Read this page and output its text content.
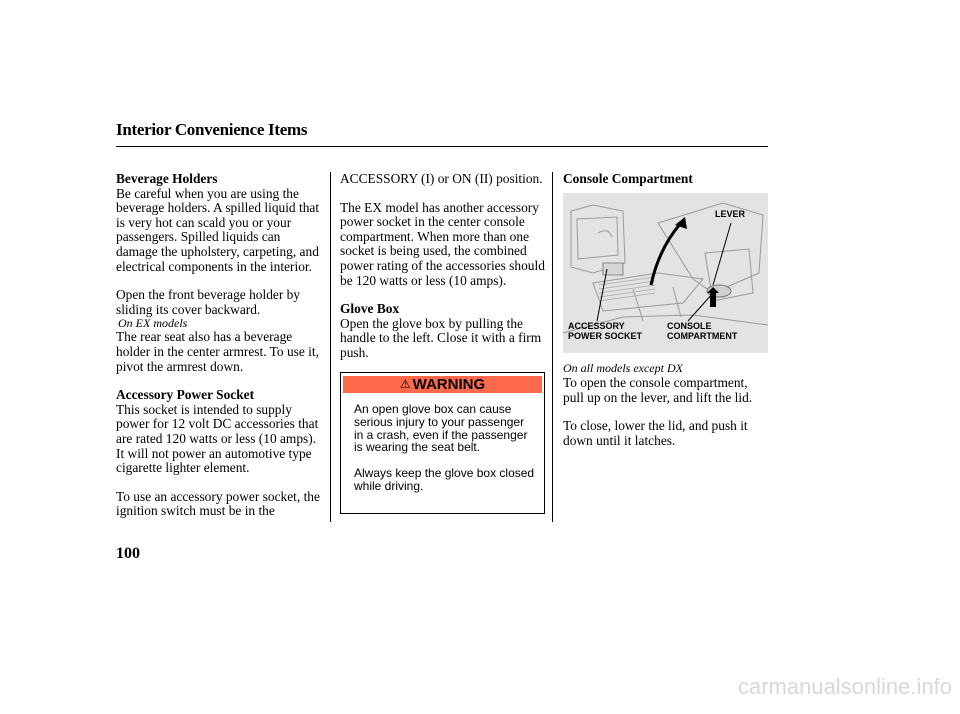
Interior Convenience Items

Beverage Holders

Be careful when you are using the beverage holders. A spilled liquid that is very hot can scald you or your passengers. Spilled liquids can damage the upholstery, carpeting, and electrical components in the interior.

Open the front beverage holder by sliding its cover backward.

On EX models

The rear seat also has a beverage holder in the center armrest. To use it, pivot the armrest down.

Accessory Power Socket

This socket is intended to supply power for 12 volt DC accessories that are rated 120 watts or less (10 amps). It will not power an automotive type cigarette lighter element.

To use an accessory power socket, the ignition switch must be in the

ACCESSORY (I) or ON (II) position.

The EX model has another accessory power socket in the center console compartment. When more than one socket is being used, the combined power rating of the accessories should be 120 watts or less (10 amps).

Glove Box

Open the glove box by pulling the handle to the left. Close it with a firm push.

⚠ WARNING

An open glove box can cause serious injury to your passenger in a crash, even if the passenger is wearing the seat belt.

Always keep the glove box closed while driving.

Console Compartment
LEVER
ACCESSORY
POWER SOCKET
CONSOLE
COMPARTMENT
On all models except DX

To open the console compartment, pull up on the lever, and lift the lid.

To close, lower the lid, and push it down until it latches.

100
carmanualsonline.info
